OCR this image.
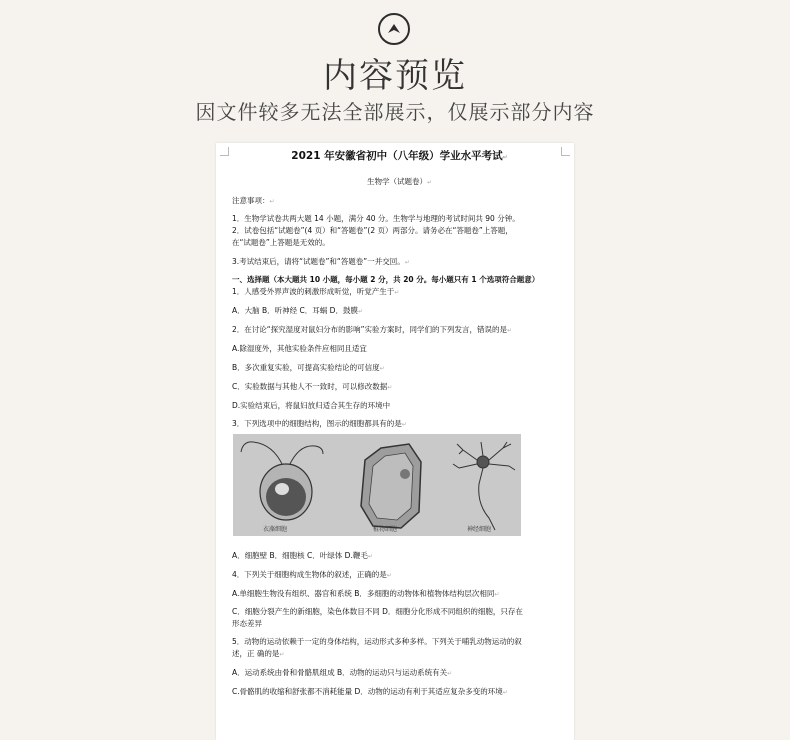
内容预览
因文件较多无法全部展示，仅展示部分内容
2021 年安徽省初中（八年级）学业水平考试↵
生物学（试题卷）↵
注意事项：↵
1．生物学试卷共两大题 14 小题，满分 40 分。生物学与地理的考试时间共 90 分钟。
2．试卷包括“试题卷”(4 页）和“答题卷”(2 页）两部分。请务必在“答题卷”上答题，
在“试题卷”上答题是无效的。
3.考试结束后，请将“试题卷”和“答题卷”一并交回。↵
一、选择题（本大题共 10 小题，每小题 2 分，共 20 分。每小题只有 1 个选项符合题意）
1．人感受外界声波的刺激形成听觉，听觉产生于↵
A．大脑 B．听神经 C．耳蜗 D．鼓膜↵
2．在讨论“探究湿度对鼠妇分布的影响”实验方案时，同学们的下列发言，错误的是↵
A.除湿度外，其他实验条件应相同且适宜
B．多次重复实验，可提高实验结论的可信度↵
C．实验数据与其他人不一致时，可以修改数据↵
D.实验结束后，将鼠妇放归适合其生存的环境中
3．下列选项中的细胞结构，图示的细胞都具有的是↵
衣藻细胞	植物细胞	神经细胞
A．细胞壁 B．细胞核 C．叶绿体 D.鞭毛↵
4．下列关于细胞构成生物体的叙述，正确的是↵
A.单细胞生物没有组织、器官和系统 B．多细胞的动物体和植物体结构层次相同↵
C．细胞分裂产生的新细胞，染色体数目不同 D．细胞分化形成不同组织的细胞，只存在
形态差异
5．动物的运动依赖于一定的身体结构，运动形式多种多样。下列关于哺乳动物运动的叙
述，正 确的是↵
A．运动系统由骨和骨骼肌组成 B．动物的运动只与运动系统有关↵
C.骨骼肌的收缩和舒张都不消耗能量 D．动物的运动有利于其适应复杂多变的环境↵
